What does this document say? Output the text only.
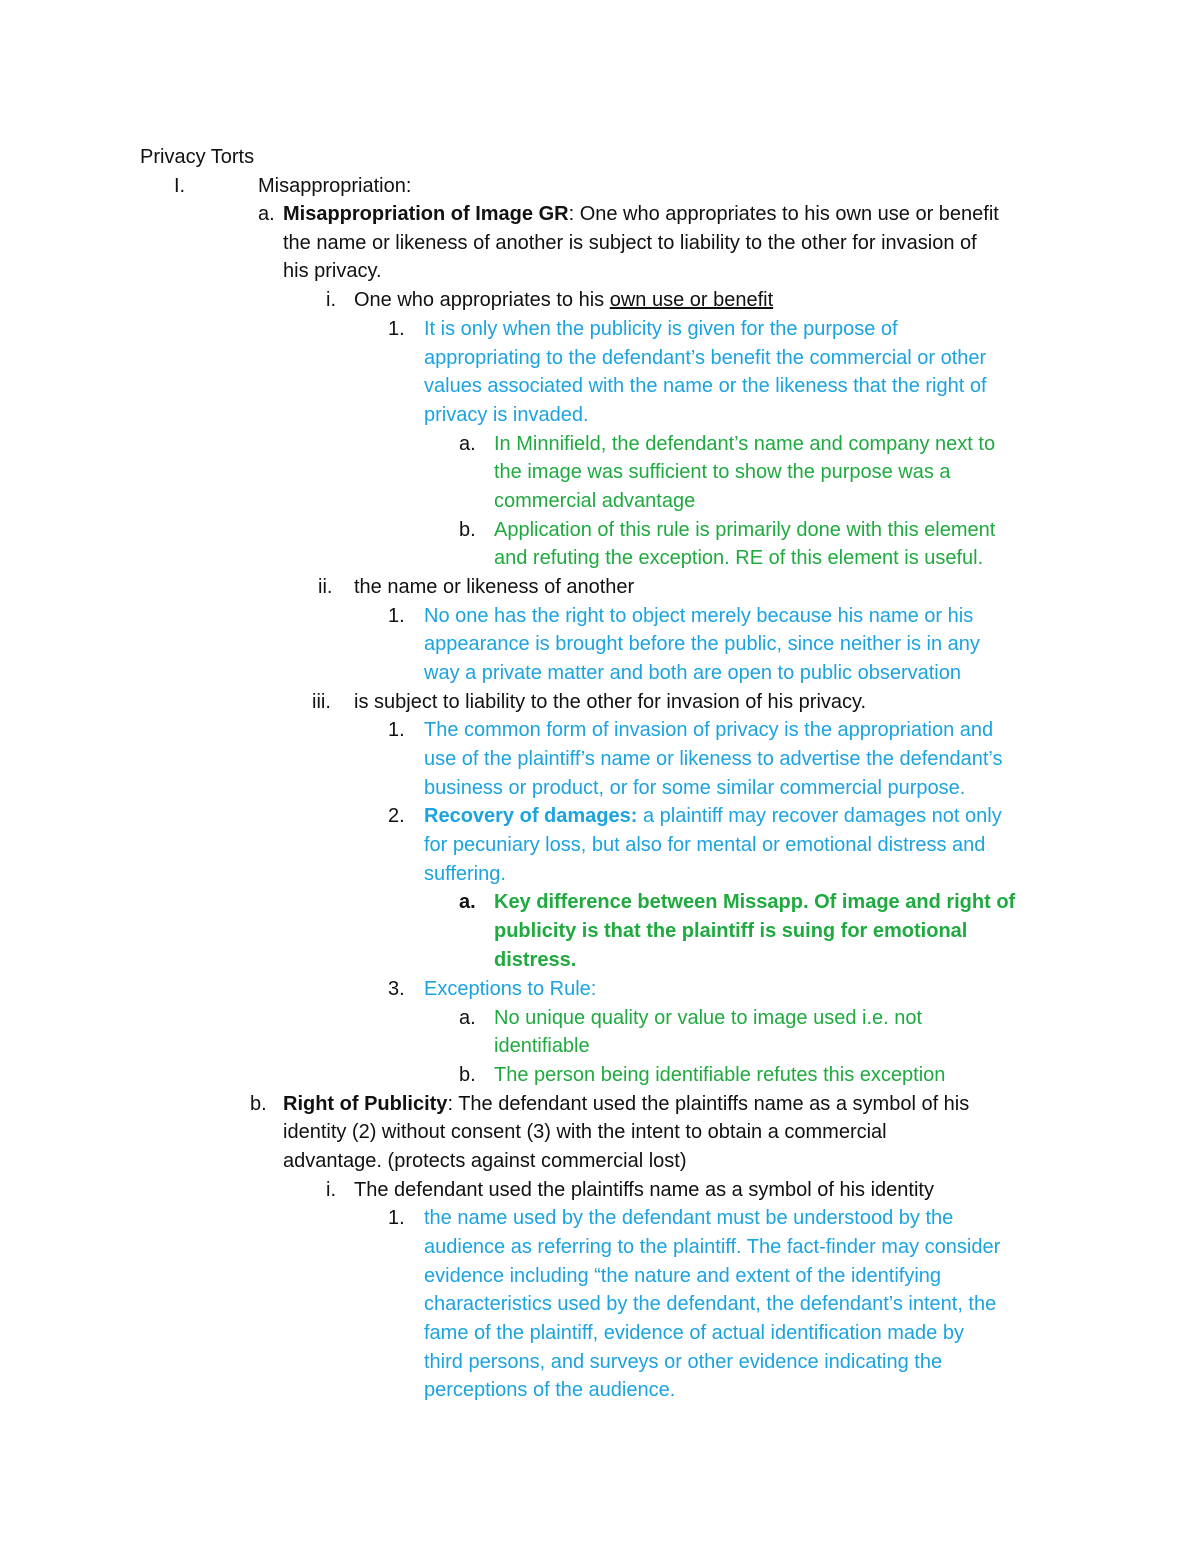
Privacy Torts
I.	Misappropriation:
a. Misappropriation of Image GR: One who appropriates to his own use or benefit
the name or likeness of another is subject to liability to the other for invasion of
his privacy.
i. One who appropriates to his own use or benefit
1. It is only when the publicity is given for the purpose of
appropriating to the defendant’s benefit the commercial or other
values associated with the name or the likeness that the right of
privacy is invaded.
a. In Minnifield, the defendant’s name and company next to
the image was sufficient to show the purpose was a
commercial advantage
b. Application of this rule is primarily done with this element
and refuting the exception. RE of this element is useful.
ii. the name or likeness of another
1. No one has the right to object merely because his name or his
appearance is brought before the public, since neither is in any
way a private matter and both are open to public observation
iii. is subject to liability to the other for invasion of his privacy.
1. The common form of invasion of privacy is the appropriation and
use of the plaintiff’s name or likeness to advertise the defendant’s
business or product, or for some similar commercial purpose.
2. Recovery of damages: a plaintiff may recover damages not only
for pecuniary loss, but also for mental or emotional distress and
suffering.
a. Key difference between Missapp. Of image and right of
publicity is that the plaintiff is suing for emotional
distress.
3. Exceptions to Rule:
a. No unique quality or value to image used i.e. not
identifiable
b. The person being identifiable refutes this exception
b. Right of Publicity: The defendant used the plaintiffs name as a symbol of his
identity (2) without consent (3) with the intent to obtain a commercial
advantage. (protects against commercial lost)
i. The defendant used the plaintiffs name as a symbol of his identity
1. the name used by the defendant must be understood by the
audience as referring to the plaintiff. The fact-finder may consider
evidence including “the nature and extent of the identifying
characteristics used by the defendant, the defendant’s intent, the
fame of the plaintiff, evidence of actual identification made by
third persons, and surveys or other evidence indicating the
perceptions of the audience.
